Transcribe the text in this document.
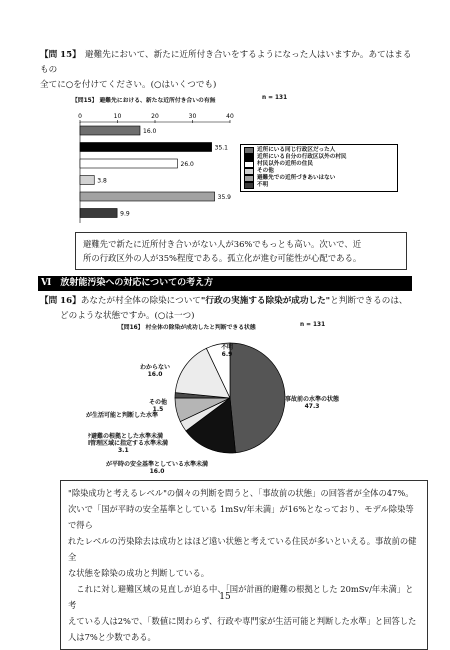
【問 15】　 避難先において、新たに近所付き合いをするようになった人はいますか。あてはまるもの
全てに○を付けてください。(○はいくつでも)
【問15】 避難先における、新たな近所付き合いの有無	n = 131
0	10	20	30	40
16.0
35.1
26.0
3.8
35.9
9.9
近所にいる同じ行政区だった人
近所にいる自分の行政区以外の村民
村民以外の近所の住民
その他
避難先での近所づきあいはない
不明
避難先で新たに近所付き合いがない人が36%でもっとも高い。次いで、近
所の行政区外の人が35%程度である。孤立化が進む可能性が心配である。
Ⅵ　放射能汚染への対応についての考え方
【問 16】あなたが村全体の除染について"行政の実施する除染が成功した"と判断できるのは、
どのような状態ですか。(○は一つ)
【問16】 村全体の除染が成功したと判断できる状態	n = 131
不明
6.9
わからない
16.0
その他
1.5
が生活可能と判断した水準
事故前の水準の状態
47.3
ｹ避難の根拠とした水準未満
l管理区域に指定する水準未満
3.1
が平時の安全基準としている水準未満
16.0
"除染成功と考えるレベル"の個々の判断を問うと、「事故前の状態」の回答者が全体の47%。
次いで「国が平時の安全基準としている 1mSv/年未満」が16%となっており、モデル除染等で得ら
れたレベルの汚染除去は成功とはほど遠い状態と考えている住民が多いといえる。事故前の健全
な状態を除染の成功と判断している。
　これに対し避難区域の見直しが迫る中、「国が計画的避難の根拠とした 20mSv/年未満」と考
えている人は2%で、「数値に関わらず、行政や専門家が生活可能と判断した水準」と回答した
人は7%と少数である。
15
